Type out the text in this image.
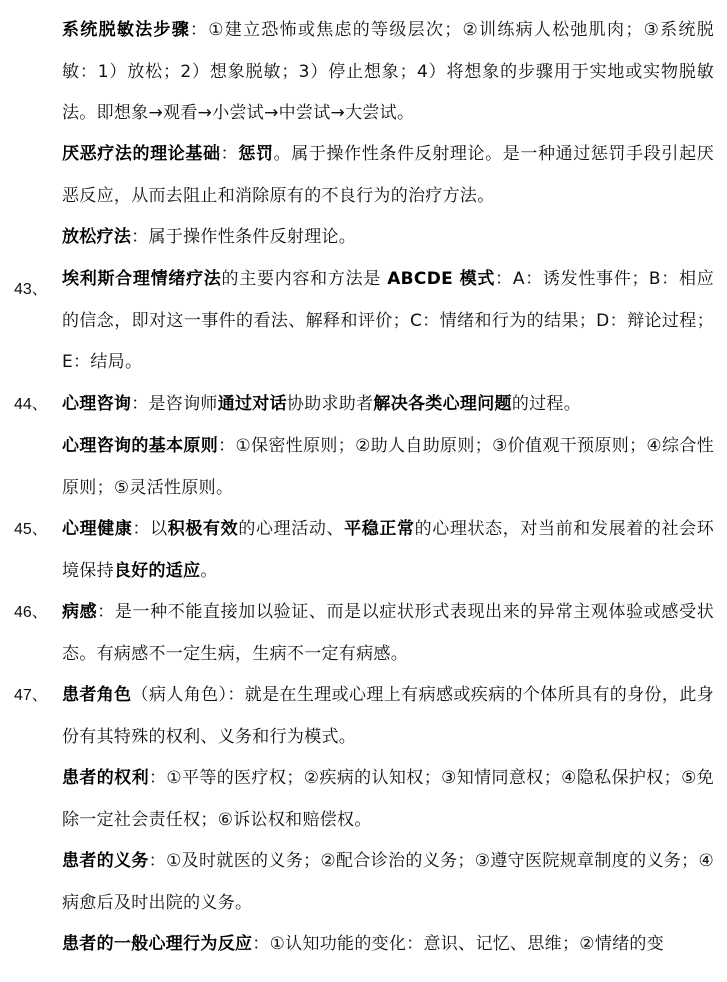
43、
44、
45、
46、
47、

系统脱敏法步骤：①建立恐怖或焦虑的等级层次；②训练病人松弛肌肉；③系统脱敏：1）放松；2）想象脱敏；3）停止想象；4）将想象的步骤用于实地或实物脱敏法。即想象→观看→小尝试→中尝试→大尝试。

厌恶疗法的理论基础：惩罚。属于操作性条件反射理论。是一种通过惩罚手段引起厌恶反应，从而去阻止和消除原有的不良行为的治疗方法。

放松疗法：属于操作性条件反射理论。

埃利斯合理情绪疗法的主要内容和方法是 ABCDE 模式：A：诱发性事件；B：相应的信念，即对这一事件的看法、解释和评价；C：情绪和行为的结果；D：辩论过程；E：结局。

心理咨询：是咨询师通过对话协助求助者解决各类心理问题的过程。

心理咨询的基本原则：①保密性原则；②助人自助原则；③价值观干预原则；④综合性原则；⑤灵活性原则。

心理健康：以积极有效的心理活动、平稳正常的心理状态，对当前和发展着的社会环境保持良好的适应。

病感：是一种不能直接加以验证、而是以症状形式表现出来的异常主观体验或感受状态。有病感不一定生病，生病不一定有病感。

患者角色（病人角色）：就是在生理或心理上有病感或疾病的个体所具有的身份，此身份有其特殊的权利、义务和行为模式。

患者的权利：①平等的医疗权；②疾病的认知权；③知情同意权；④隐私保护权；⑤免除一定社会责任权；⑥诉讼权和赔偿权。

患者的义务：①及时就医的义务；②配合诊治的义务；③遵守医院规章制度的义务；④病愈后及时出院的义务。

患者的一般心理行为反应：①认知功能的变化：意识、记忆、思维；②情绪的变
